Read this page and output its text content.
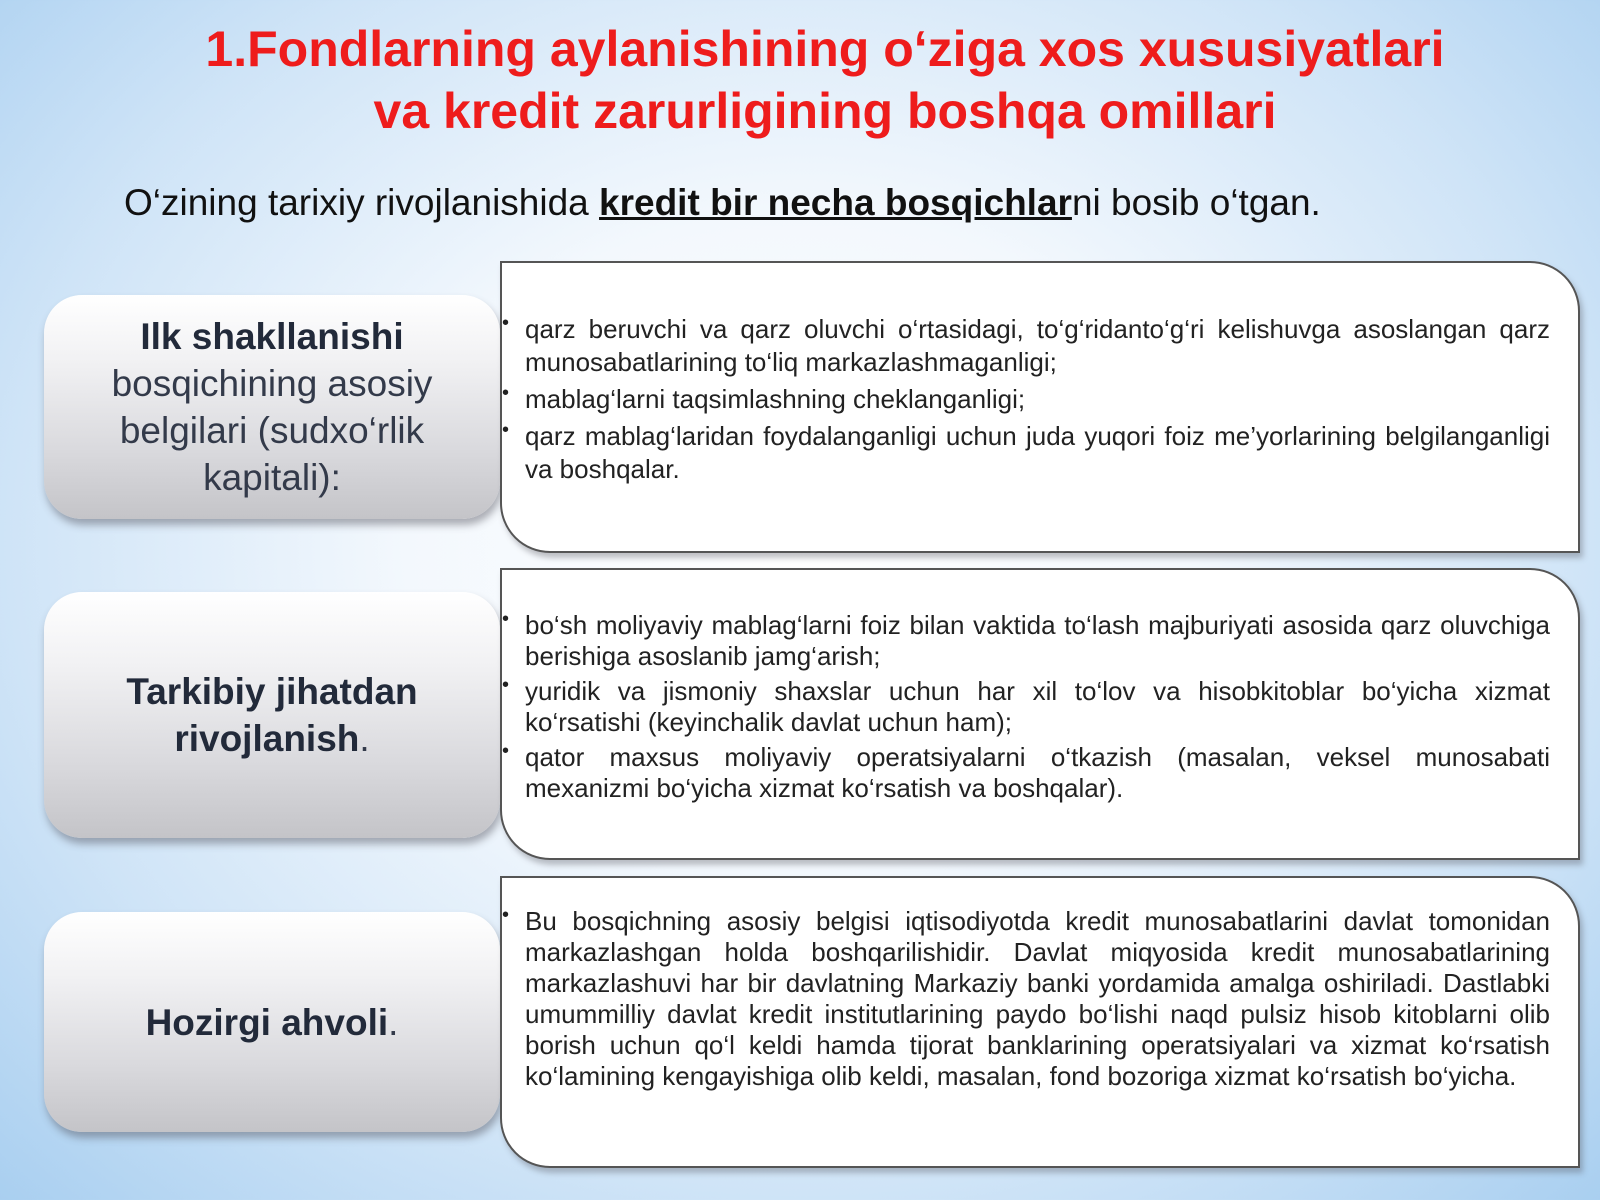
1.Fondlarning aylanishining o‘ziga xos xususiyatlari
va kredit zarurligining boshqa omillari

O‘zining tarixiy rivojlanishida kredit bir necha bosqichlarni bosib o‘tgan.

Ilk shakllanishi
bosqichining asosiy belgilari (sudxo‘rlik kapitali):
• qarz beruvchi va qarz oluvchi o‘rtasidagi, to‘g‘ridanto‘g‘ri kelishuvga asoslangan qarz munosabatlarining to‘liq markazlashmaganligi;
• mablag‘larni taqsimlashning cheklanganligi;
• qarz mablag‘laridan foydalanganligi uchun juda yuqori foiz me’yorlarining belgilanganligi va boshqalar.
Tarkibiy jihatdan rivojlanish.
• bo‘sh moliyaviy mablag‘larni foiz bilan vaktida to‘lash majburiyati asosida qarz oluvchiga berishiga asoslanib jamg‘arish;
• yuridik va jismoniy shaxslar uchun har xil to‘lov va hisobkitoblar bo‘yicha xizmat ko‘rsatishi (keyinchalik davlat uchun ham);
• qator maxsus moliyaviy operatsiyalarni o‘tkazish (masalan, veksel munosabati mexanizmi bo‘yicha xizmat ko‘rsatish va boshqalar).
Hozirgi ahvoli.
• Bu bosqichning asosiy belgisi iqtisodiyotda kredit munosabatlarini davlat tomonidan markazlashgan holda boshqarilishidir. Davlat miqyosida kredit munosabatlarining markazlashuvi har bir davlatning Markaziy banki yordamida amalga oshiriladi. Dastlabki umummilliy davlat kredit institutlarining paydo bo‘lishi naqd pulsiz hisob kitoblarni olib borish uchun qo‘l keldi hamda tijorat banklarining operatsiyalari va xizmat ko‘rsatish ko‘lamining kengayishiga olib keldi, masalan, fond bozoriga xizmat ko‘rsatish bo‘yicha.
